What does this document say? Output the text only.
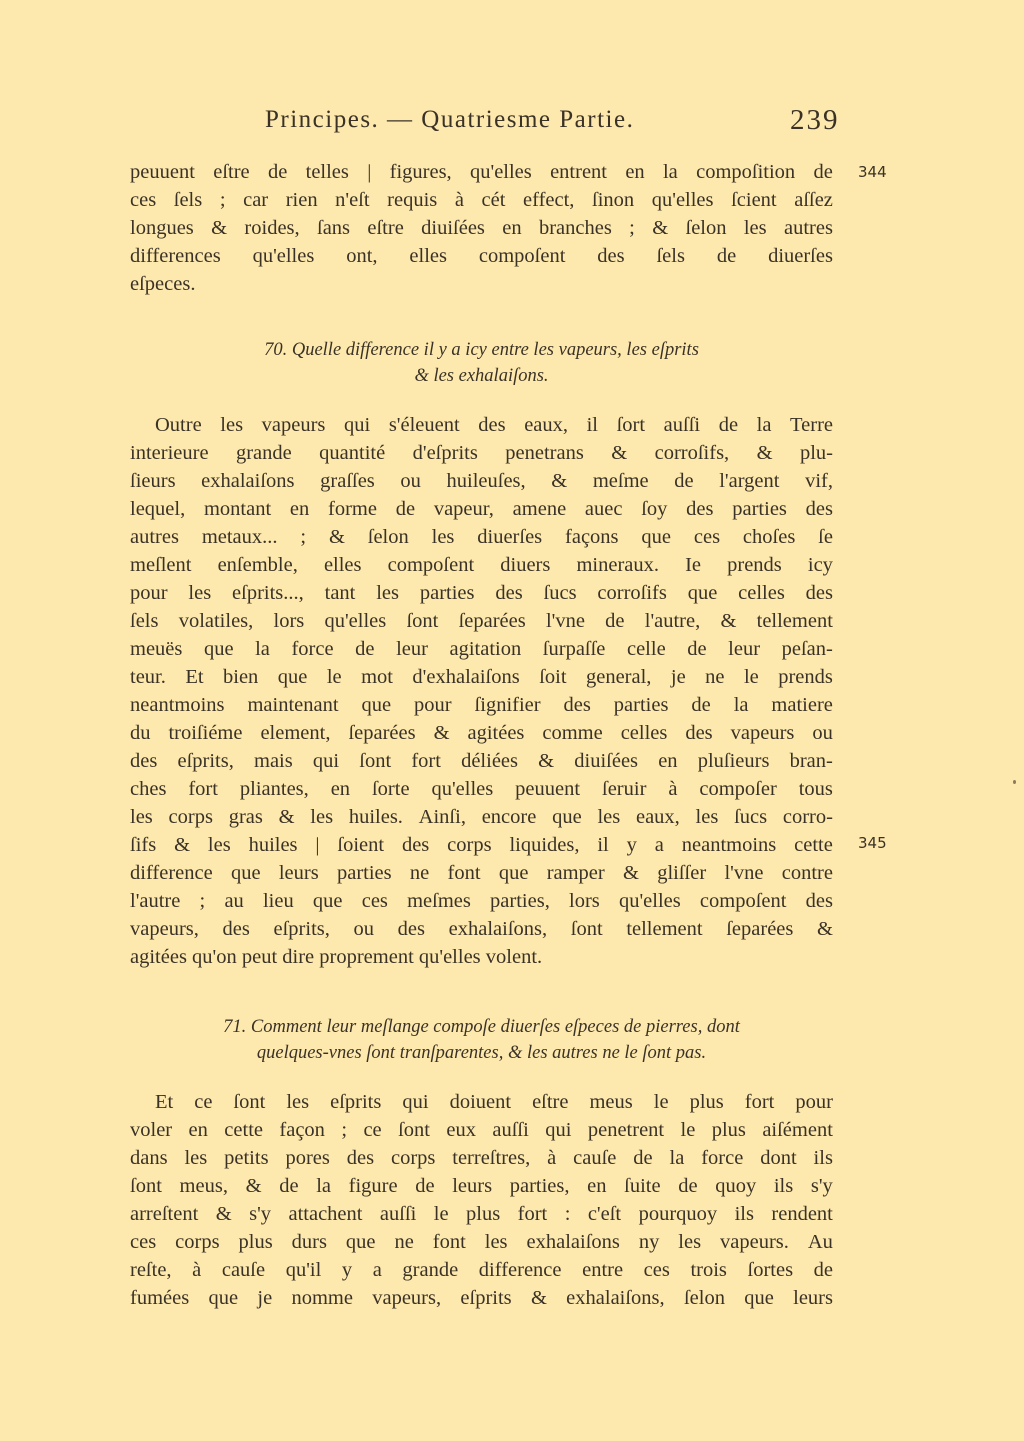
Principes. — Quatriesme Partie.	239
344
345
peuuent eſtre de telles | figures, qu'elles entrent en la compoſition de
ces ſels ; car rien n'eſt requis à cét effect, ſinon qu'elles ſcient aſſez
longues & roides, ſans eſtre diuiſées en branches ; & ſelon les autres
differences qu'elles ont, elles compoſent des ſels de diuerſes
eſpeces.
70. Quelle difference il y a icy entre les vapeurs, les eſprits
& les exhalaiſons.
Outre les vapeurs qui s'éleuent des eaux, il ſort auſſi de la Terre
interieure grande quantité d'eſprits penetrans & corroſifs, & plu-
ſieurs exhalaiſons graſſes ou huileuſes, & meſme de l'argent vif,
lequel, montant en forme de vapeur, amene auec ſoy des parties des
autres metaux... ; & ſelon les diuerſes façons que ces choſes ſe
meſlent enſemble, elles compoſent diuers mineraux. Ie prends icy
pour les eſprits..., tant les parties des ſucs corroſifs que celles des
ſels volatiles, lors qu'elles ſont ſeparées l'vne de l'autre, & tellement
meuës que la force de leur agitation ſurpaſſe celle de leur peſan-
teur. Et bien que le mot d'exhalaiſons ſoit general, je ne le prends
neantmoins maintenant que pour ſignifier des parties de la matiere
du troiſiéme element, ſeparées & agitées comme celles des vapeurs ou
des eſprits, mais qui ſont fort déliées & diuiſées en pluſieurs bran-
ches fort pliantes, en ſorte qu'elles peuuent ſeruir à compoſer tous
les corps gras & les huiles. Ainſi, encore que les eaux, les ſucs corro-
ſifs & les huiles | ſoient des corps liquides, il y a neantmoins cette
difference que leurs parties ne font que ramper & gliſſer l'vne contre
l'autre ; au lieu que ces meſmes parties, lors qu'elles compoſent des
vapeurs, des eſprits, ou des exhalaiſons, ſont tellement ſeparées &
agitées qu'on peut dire proprement qu'elles volent.
71. Comment leur meſlange compoſe diuerſes eſpeces de pierres, dont
quelques-vnes ſont tranſparentes, & les autres ne le ſont pas.
Et ce ſont les eſprits qui doiuent eſtre meus le plus fort pour
voler en cette façon ; ce ſont eux auſſi qui penetrent le plus aiſément
dans les petits pores des corps terreſtres, à cauſe de la force dont ils
ſont meus, & de la figure de leurs parties, en ſuite de quoy ils s'y
arreſtent & s'y attachent auſſi le plus fort : c'eſt pourquoy ils rendent
ces corps plus durs que ne font les exhalaiſons ny les vapeurs. Au
reſte, à cauſe qu'il y a grande difference entre ces trois ſortes de
fumées que je nomme vapeurs, eſprits & exhalaiſons, ſelon que leurs
